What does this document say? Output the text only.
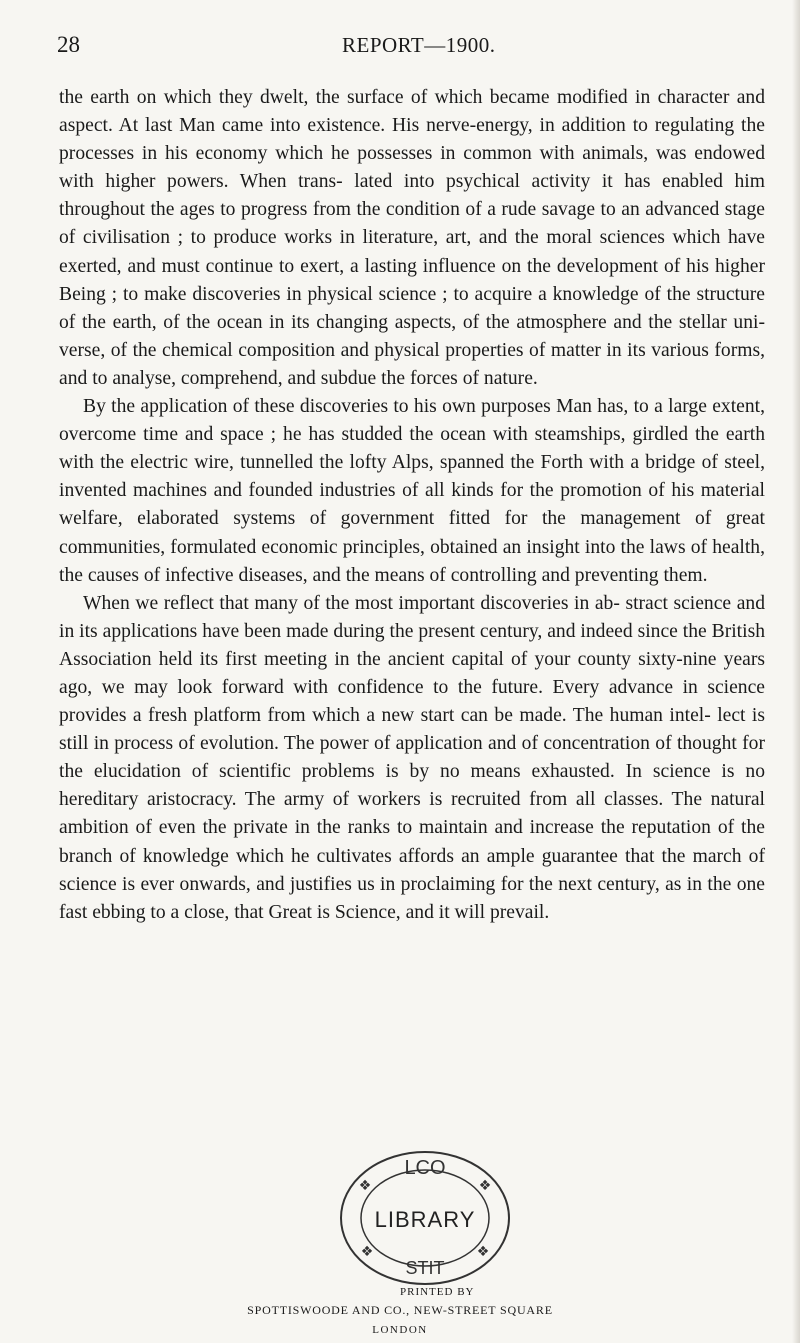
28	REPORT—1900.

the earth on which they dwelt, the surface of which became modified in character and aspect. At last Man came into existence. His nerve-energy, in addition to regulating the processes in his economy which he possesses in common with animals, was endowed with higher powers. When trans- lated into psychical activity it has enabled him throughout the ages to progress from the condition of a rude savage to an advanced stage of civilisation ; to produce works in literature, art, and the moral sciences which have exerted, and must continue to exert, a lasting influence on the development of his higher Being ; to make discoveries in physical science ; to acquire a knowledge of the structure of the earth, of the ocean in its changing aspects, of the atmosphere and the stellar uni- verse, of the chemical composition and physical properties of matter in its various forms, and to analyse, comprehend, and subdue the forces of nature.

By the application of these discoveries to his own purposes Man has, to a large extent, overcome time and space ; he has studded the ocean with steamships, girdled the earth with the electric wire, tunnelled the lofty Alps, spanned the Forth with a bridge of steel, invented machines and founded industries of all kinds for the promotion of his material welfare, elaborated systems of government fitted for the management of great communities, formulated economic principles, obtained an insight into the laws of health, the causes of infective diseases, and the means of controlling and preventing them.

When we reflect that many of the most important discoveries in ab- stract science and in its applications have been made during the present century, and indeed since the British Association held its first meeting in the ancient capital of your county sixty-nine years ago, we may look forward with confidence to the future. Every advance in science provides a fresh platform from which a new start can be made. The human intel- lect is still in process of evolution. The power of application and of concentration of thought for the elucidation of scientific problems is by no means exhausted. In science is no hereditary aristocracy. The army of workers is recruited from all classes. The natural ambition of even the private in the ranks to maintain and increase the reputation of the branch of knowledge which he cultivates affords an ample guarantee that the march of science is ever onwards, and justifies us in proclaiming for the next century, as in the one fast ebbing to a close, that Great is Science, and it will prevail.

LCO
LIBRARY
STIT
❖	❖
❖	❖
PRINTED BY
SPOTTISWOODE AND CO., NEW-STREET SQUARE
LONDON
